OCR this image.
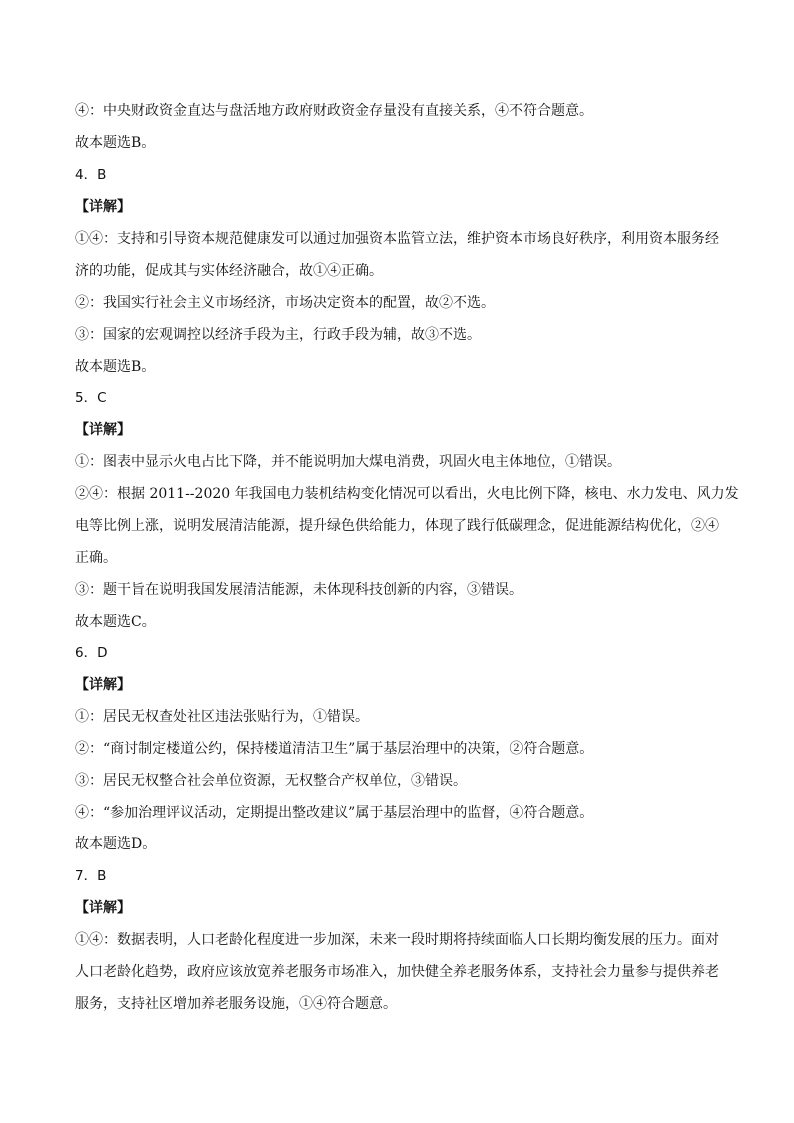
④：中央财政资金直达与盘活地方政府财政资金存量没有直接关系，④不符合题意。
故本题选B。
4．B
【详解】
①④：支持和引导资本规范健康发可以通过加强资本监管立法，维护资本市场良好秩序，利用资本服务经
济的功能，促成其与实体经济融合，故①④正确。
②：我国实行社会主义市场经济，市场决定资本的配置，故②不选。
③：国家的宏观调控以经济手段为主，行政手段为辅，故③不选。
故本题选B。
5．C
【详解】
①：图表中显示火电占比下降，并不能说明加大煤电消费，巩固火电主体地位，①错误。
②④：根据 2011--2020 年我国电力装机结构变化情况可以看出，火电比例下降，核电、水力发电、风力发
电等比例上涨，说明发展清洁能源，提升绿色供给能力，体现了践行低碳理念，促进能源结构优化，②④
正确。
③：题干旨在说明我国发展清洁能源，未体现科技创新的内容，③错误。
故本题选C。
6．D
【详解】
①：居民无权查处社区违法张贴行为，①错误。
②：“商讨制定楼道公约，保持楼道清洁卫生”属于基层治理中的决策，②符合题意。
③：居民无权整合社会单位资源，无权整合产权单位，③错误。
④：“参加治理评议活动，定期提出整改建议”属于基层治理中的监督，④符合题意。
故本题选D。
7．B
【详解】
①④：数据表明，人口老龄化程度进一步加深，未来一段时期将持续面临人口长期均衡发展的压力。面对
人口老龄化趋势，政府应该放宽养老服务市场准入，加快健全养老服务体系，支持社会力量参与提供养老
服务，支持社区增加养老服务设施，①④符合题意。
